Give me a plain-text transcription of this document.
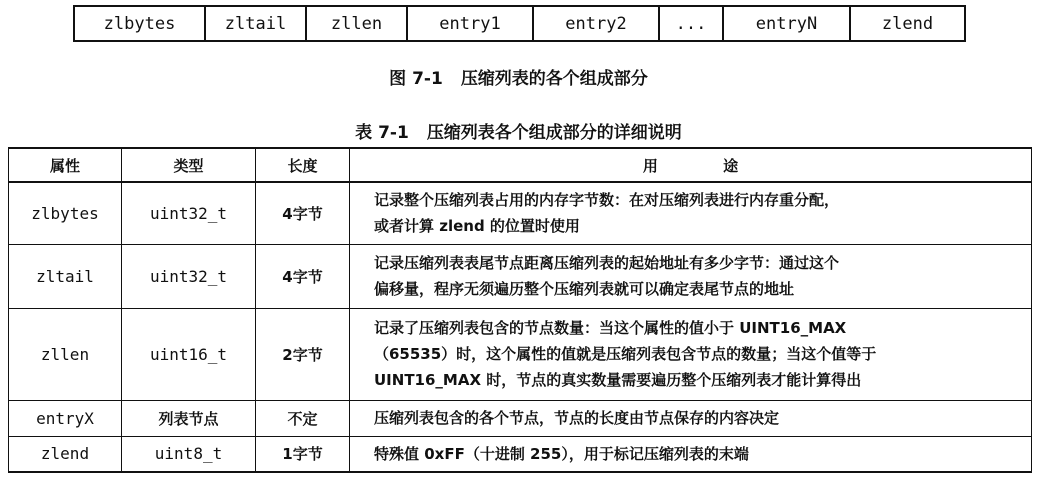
zlbytes	zltail	zllen	entry1	entry2	...	entryN	zlend
图 7-1 压缩列表的各个组成部分
表 7-1 压缩列表各个组成部分的详细说明
属性	类型	长度	用 途
zlbytes	uint32_t	4字节	记录整个压缩列表占用的内存字节数：在对压缩列表进行内存重分配，
或者计算 zlend 的位置时使用

zltail	uint32_t	4字节	记录压缩列表表尾节点距离压缩列表的起始地址有多少字节：通过这个
偏移量，程序无须遍历整个压缩列表就可以确定表尾节点的地址

zllen	uint16_t	2字节	记录了压缩列表包含的节点数量：当这个属性的值小于 UINT16_MAX
（65535）时，这个属性的值就是压缩列表包含节点的数量；当这个值等于
UINT16_MAX 时，节点的真实数量需要遍历整个压缩列表才能计算得出

entryX	列表节点	不定	压缩列表包含的各个节点，节点的长度由节点保存的内容决定

zlend	uint8_t	1字节	特殊值 0xFF（十进制 255），用于标记压缩列表的末端
